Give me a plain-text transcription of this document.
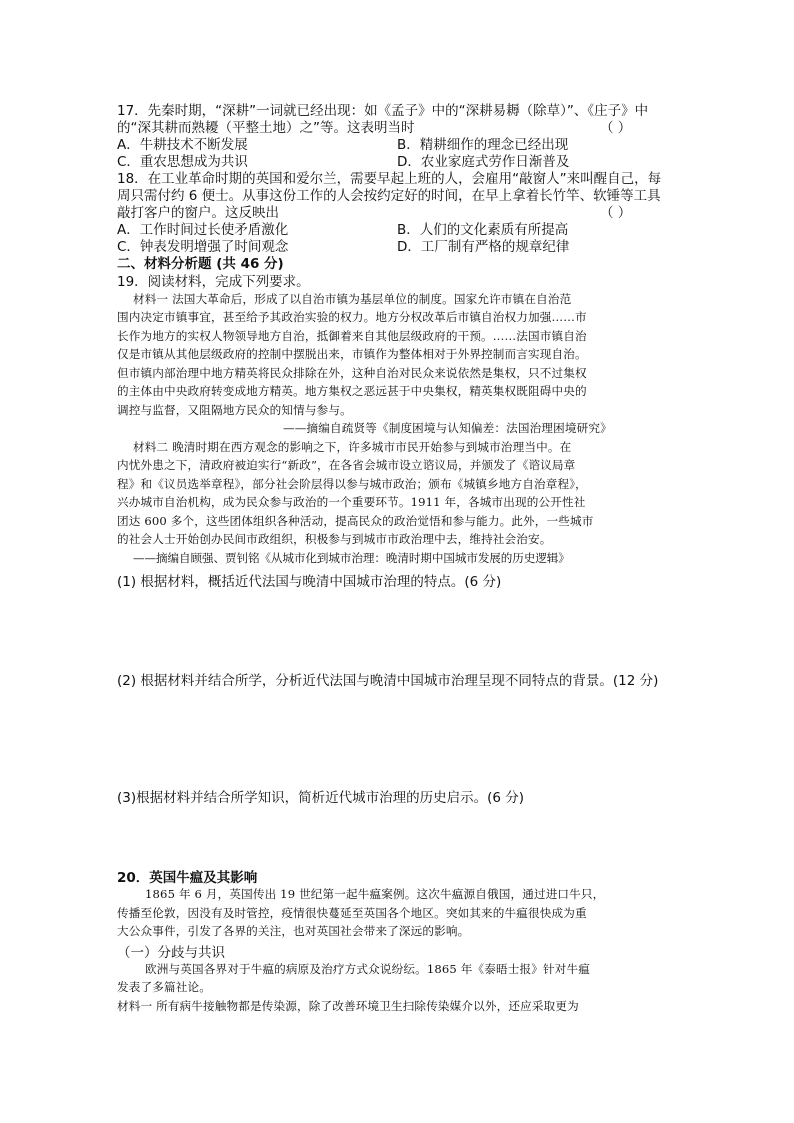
17．先秦时期，“深耕”一词就已经出现：如《孟子》中的“深耕易耨（除草）”、《庄子》中
的“深其耕而熟耰（平整土地）之”等。这表明当时	（ ）
A．牛耕技术不断发展	B．精耕细作的理念已经出现
C．重农思想成为共识	D．农业家庭式劳作日渐普及
18．在工业革命时期的英国和爱尔兰，需要早起上班的人，会雇用“敲窗人”来叫醒自己，每
周只需付约 6 便士。从事这份工作的人会按约定好的时间，在早上拿着长竹竿、软锤等工具
敲打客户的窗户。这反映出	（ ）
A．工作时间过长使矛盾激化	B．人们的文化素质有所提高
C．钟表发明增强了时间观念	D．工厂制有严格的规章纪律
二、材料分析题 (共 46 分)
19．阅读材料，完成下列要求。
材料一 法国大革命后，形成了以自治市镇为基层单位的制度。国家允许市镇在自治范
围内决定市镇事宜，甚至给予其政治实验的权力。地方分权改革后市镇自治权力加强……市
长作为地方的实权人物领导地方自治，抵御着来自其他层级政府的干预。……法国市镇自治
仅是市镇从其他层级政府的控制中摆脱出来，市镇作为整体相对于外界控制而言实现自治。
但市镇内部治理中地方精英将民众排除在外，这种自治对民众来说依然是集权，只不过集权
的主体由中央政府转变成地方精英。地方集权之恶远甚于中央集权，精英集权既阻碍中央的
调控与监督，又阻隔地方民众的知情与参与。
——摘编自疏贤等《制度困境与认知偏差：法国治理困境研究》
材料二 晚清时期在西方观念的影响之下，许多城市市民开始参与到城市治理当中。在
内忧外患之下，清政府被迫实行“新政”，在各省会城市设立谘议局，并颁发了《谘议局章
程》和《议员选举章程》，部分社会阶层得以参与城市政治；颁布《城镇乡地方自治章程》，
兴办城市自治机构，成为民众参与政治的一个重要环节。1911 年，各城市出现的公开性社
团达 600 多个，这些团体组织各种活动，提高民众的政治觉悟和参与能力。此外，一些城市
的社会人士开始创办民间市政组织，积极参与到城市市政治理中去，维持社会治安。
——摘编自顾强、贾钊铭《从城市化到城市治理：晚清时期中国城市发展的历史逻辑》
(1) 根据材料，概括近代法国与晚清中国城市治理的特点。(6 分)
(2) 根据材料并结合所学，分析近代法国与晚清中国城市治理呈现不同特点的背景。(12 分)
(3)根据材料并结合所学知识，简析近代城市治理的历史启示。(6 分)
20．英国牛瘟及其影响
1865 年 6 月，英国传出 19 世纪第一起牛瘟案例。这次牛瘟源自俄国，通过进口牛只，
传播至伦敦，因没有及时管控，疫情很快蔓延至英国各个地区。突如其来的牛瘟很快成为重
大公众事件，引发了各界的关注，也对英国社会带来了深远的影响。
（一）分歧与共识
欧洲与英国各界对于牛瘟的病原及治疗方式众说纷纭。1865 年《泰晤士报》针对牛瘟
发表了多篇社论。
材料一 所有病牛接触物都是传染源，除了改善环境卫生扫除传染媒介以外，还应采取更为
